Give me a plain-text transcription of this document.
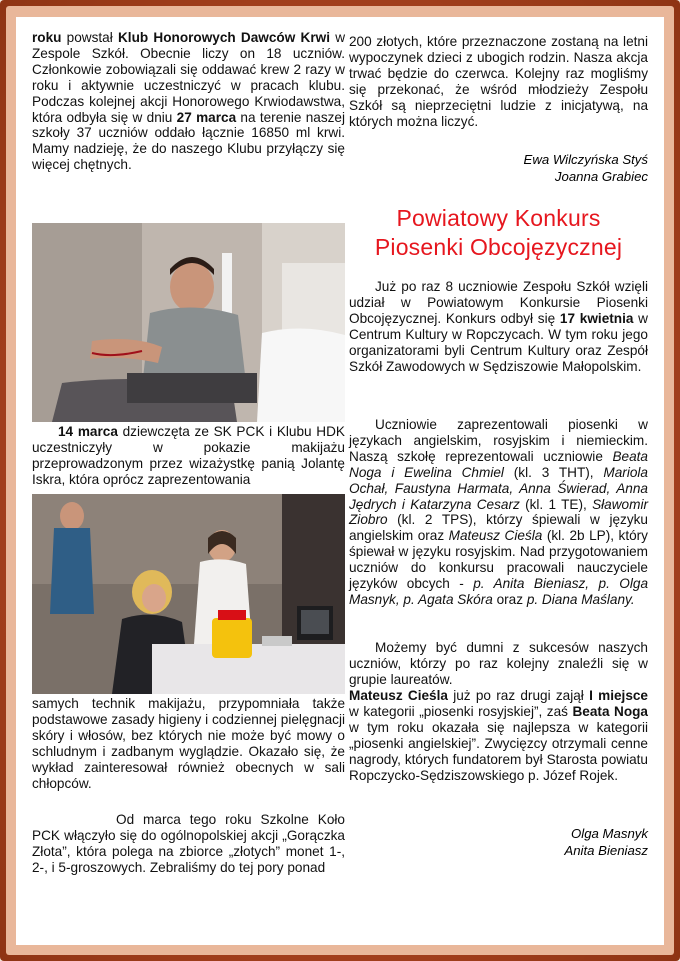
roku powstał Klub Honorowych Dawców Krwi w Zespole Szkół. Obecnie liczy on 18 uczniów. Członkowie zobowiązali się oddawać krew 2 razy w roku i aktywnie uczestniczyć w pracach klubu. Podczas kolejnej akcji Honorowego Krwiodawstwa, która odbyła się w dniu 27 marca na terenie naszej szkoły 37 uczniów oddało łącznie 16850 ml krwi. Mamy nadzieję, że do naszego Klubu przyłączy się więcej chętnych.
14 marca dziewczęta ze SK PCK i Klubu HDK uczestniczyły w pokazie makijażu przeprowadzonym przez wizażystkę panią Jolantę Iskra, która oprócz zaprezentowania
samych technik makijażu, przypomniała także podstawowe zasady higieny i codziennej pielęgnacji skóry i włosów, bez których nie może być mowy o schludnym i zadbanym wyglądzie. Okazało się, że wykład zainteresował również obecnych w sali chłopców.
Od marca tego roku Szkolne Koło PCK włączyło się do ogólnopolskiej akcji „Gorączka Złota”, która polega na zbiorce „złotych” monet 1-, 2-, i 5-groszowych. Zebraliśmy do tej pory ponad
200 złotych, które przeznaczone zostaną na letni wypoczynek dzieci z ubogich rodzin. Nasza akcja trwać będzie do czerwca. Kolejny raz mogliśmy się przekonać, że wśród młodzieży Zespołu Szkół są nieprzeciętni ludzie z inicjatywą, na których można liczyć.
Ewa Wilczyńska Styś
Joanna Grabiec
Powiatowy Konkurs
Piosenki Obcojęzycznej
Już po raz 8 uczniowie Zespołu Szkół wzięli udział w Powiatowym Konkursie Piosenki Obcojęzycznej. Konkurs odbył się 17 kwietnia w Centrum Kultury w Ropczycach. W tym roku jego organizatorami byli Centrum Kultury oraz Zespół Szkół Zawodowych w Sędziszowie Małopolskim.
Uczniowie zaprezentowali piosenki w językach angielskim, rosyjskim i niemieckim. Naszą szkołę reprezentowali uczniowie Beata Noga i Ewelina Chmiel (kl. 3 THT), Mariola Ochał, Faustyna Harmata, Anna Świerad, Anna Jędrych i Katarzyna Cesarz (kl. 1 TE), Sławomir Ziobro (kl. 2 TPS), którzy śpiewali w języku angielskim oraz Mateusz Cieśla (kl. 2b LP), który śpiewał w języku rosyjskim. Nad przygotowaniem uczniów do konkursu pracowali nauczyciele języków obcych - p. Anita Bieniasz, p. Olga Masnyk, p. Agata Skóra oraz p. Diana Maślany.
Możemy być dumni z sukcesów naszych uczniów, którzy po raz kolejny znaleźli się w grupie laureatów.
Mateusz Cieśla już po raz drugi zajął I miejsce w kategorii „piosenki rosyjskiej”, zaś Beata Noga w tym roku okazała się najlepsza w kategorii „piosenki angielskiej”. Zwycięzcy otrzymali cenne nagrody, których fundatorem był Starosta powiatu Ropczycko-Sędziszowskiego p. Józef Rojek.
Olga Masnyk
Anita Bieniasz
